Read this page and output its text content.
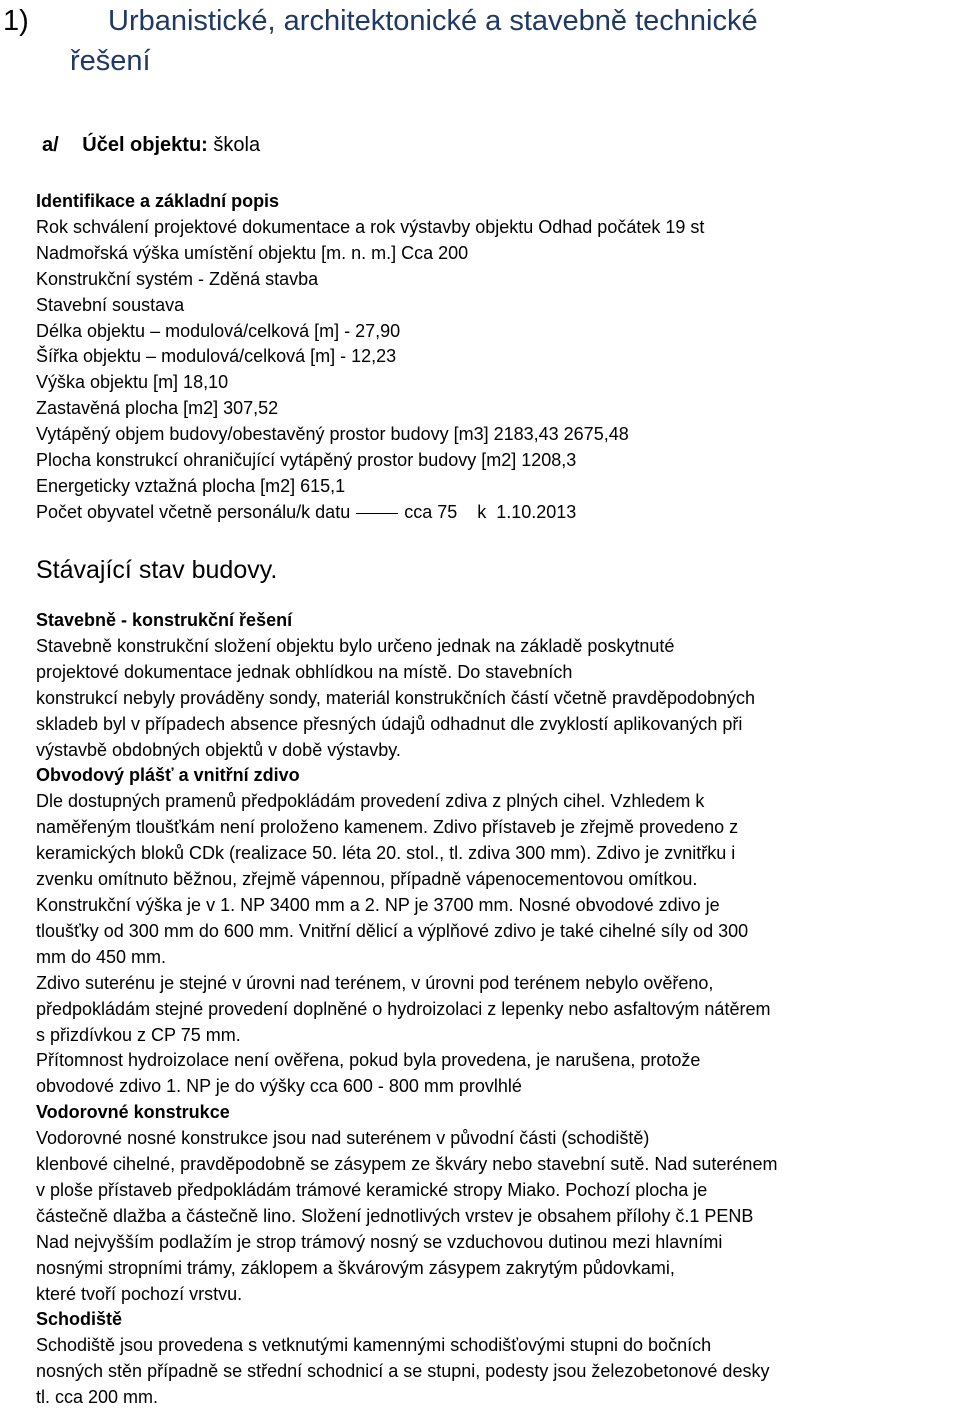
1)	Urbanistické, architektonické a stavebně technické
řešení
a/ Účel objektu: škola
Identifikace a základní popis
Rok schválení projektové dokumentace a rok výstavby objektu Odhad počátek 19 st
Nadmořská výška umístění objektu [m. n. m.] Cca 200
Konstrukční systém - Zděná stavba
Stavební soustava
Délka objektu – modulová/celková [m] - 27,90
Šířka objektu – modulová/celková [m] - 12,23
Výška objektu [m] 18,10
Zastavěná plocha [m2] 307,52
Vytápěný objem budovy/obestavěný prostor budovy [m3] 2183,43 2675,48
Plocha konstrukcí ohraničující vytápěný prostor budovy [m2] 1208,3
Energeticky vztažná plocha [m2] 615,1
Počet obyvatel včetně personálu/k datu	cca 75    k  1.10.2013
Stávající stav budovy.
Stavebně - konstrukční řešení
Stavebně konstrukční složení objektu bylo určeno jednak na základě poskytnuté
projektové dokumentace jednak obhlídkou na místě. Do stavebních
konstrukcí nebyly prováděny sondy, materiál konstrukčních částí včetně pravděpodobných
skladeb byl v případech absence přesných údajů odhadnut dle zvyklostí aplikovaných při
výstavbě obdobných objektů v době výstavby.
Obvodový plášť a vnitřní zdivo
Dle dostupných pramenů předpokládám provedení zdiva z plných cihel. Vzhledem k
naměřeným tloušťkám není proloženo kamenem. Zdivo přístaveb je zřejmě provedeno z
keramických bloků CDk (realizace 50. léta 20. stol., tl. zdiva 300 mm). Zdivo je zvnitřku i
zvenku omítnuto běžnou, zřejmě vápennou, případně vápenocementovou omítkou.
Konstrukční výška je v 1. NP 3400 mm a 2. NP je 3700 mm. Nosné obvodové zdivo je
tloušťky od 300 mm do 600 mm. Vnitřní dělicí a výplňové zdivo je také cihelné síly od 300
mm do 450 mm.
Zdivo suterénu je stejné v úrovni nad terénem, v úrovni pod terénem nebylo ověřeno,
předpokládám stejné provedení doplněné o hydroizolaci z lepenky nebo asfaltovým nátěrem
s přizdívkou z CP 75 mm.
Přítomnost hydroizolace není ověřena, pokud byla provedena, je narušena, protože
obvodové zdivo 1. NP je do výšky cca 600 - 800 mm provlhlé
Vodorovné konstrukce
Vodorovné nosné konstrukce jsou nad suterénem v původní části (schodiště)
klenbové cihelné, pravděpodobně se zásypem ze škváry nebo stavební sutě. Nad suterénem
v ploše přístaveb předpokládám trámové keramické stropy Miako. Pochozí plocha je
částečně dlažba a částečně lino. Složení jednotlivých vrstev je obsahem přílohy č.1 PENB
Nad nejvyšším podlažím je strop trámový nosný se vzduchovou dutinou mezi hlavními
nosnými stropními trámy, záklopem a škvárovým zásypem zakrytým půdovkami,
které tvoří pochozí vrstvu.
Schodiště
Schodiště jsou provedena s vetknutými kamennými schodišťovými stupni do bočních
nosných stěn případně se střední schodnicí a se stupni, podesty jsou železobetonové desky
tl. cca 200 mm.
